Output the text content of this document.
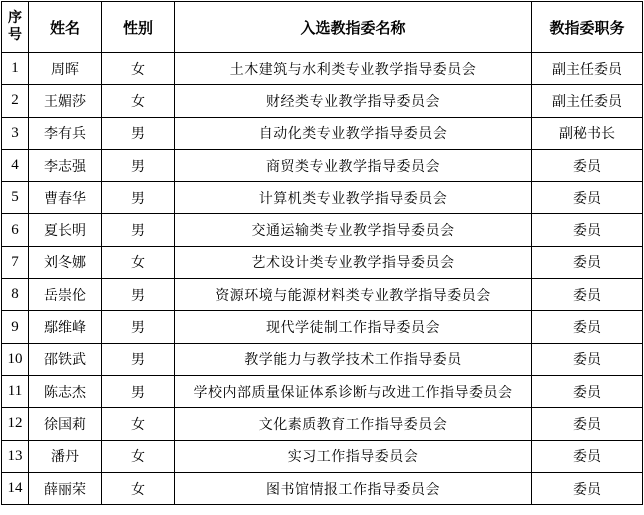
序号	姓名	性别	入选教指委名称	教指委职务
1	周晖	女	土木建筑与水利类专业教学指导委员会	副主任委员
2	王媚莎	女	财经类专业教学指导委员会	副主任委员
3	李有兵	男	自动化类专业教学指导委员会	副秘书长
4	李志强	男	商贸类专业教学指导委员会	委员
5	曹春华	男	计算机类专业教学指导委员会	委员
6	夏长明	男	交通运输类专业教学指导委员会	委员
7	刘冬娜	女	艺术设计类专业教学指导委员会	委员
8	岳崇伦	男	资源环境与能源材料类专业教学指导委员会	委员
9	鄢维峰	男	现代学徒制工作指导委员会	委员
10	邵铁武	男	教学能力与教学技术工作指导委员	委员
11	陈志杰	男	学校内部质量保证体系诊断与改进工作指导委员会	委员
12	徐国莉	女	文化素质教育工作指导委员会	委员
13	潘丹	女	实习工作指导委员会	委员
14	薛丽荣	女	图书馆情报工作指导委员会	委员
